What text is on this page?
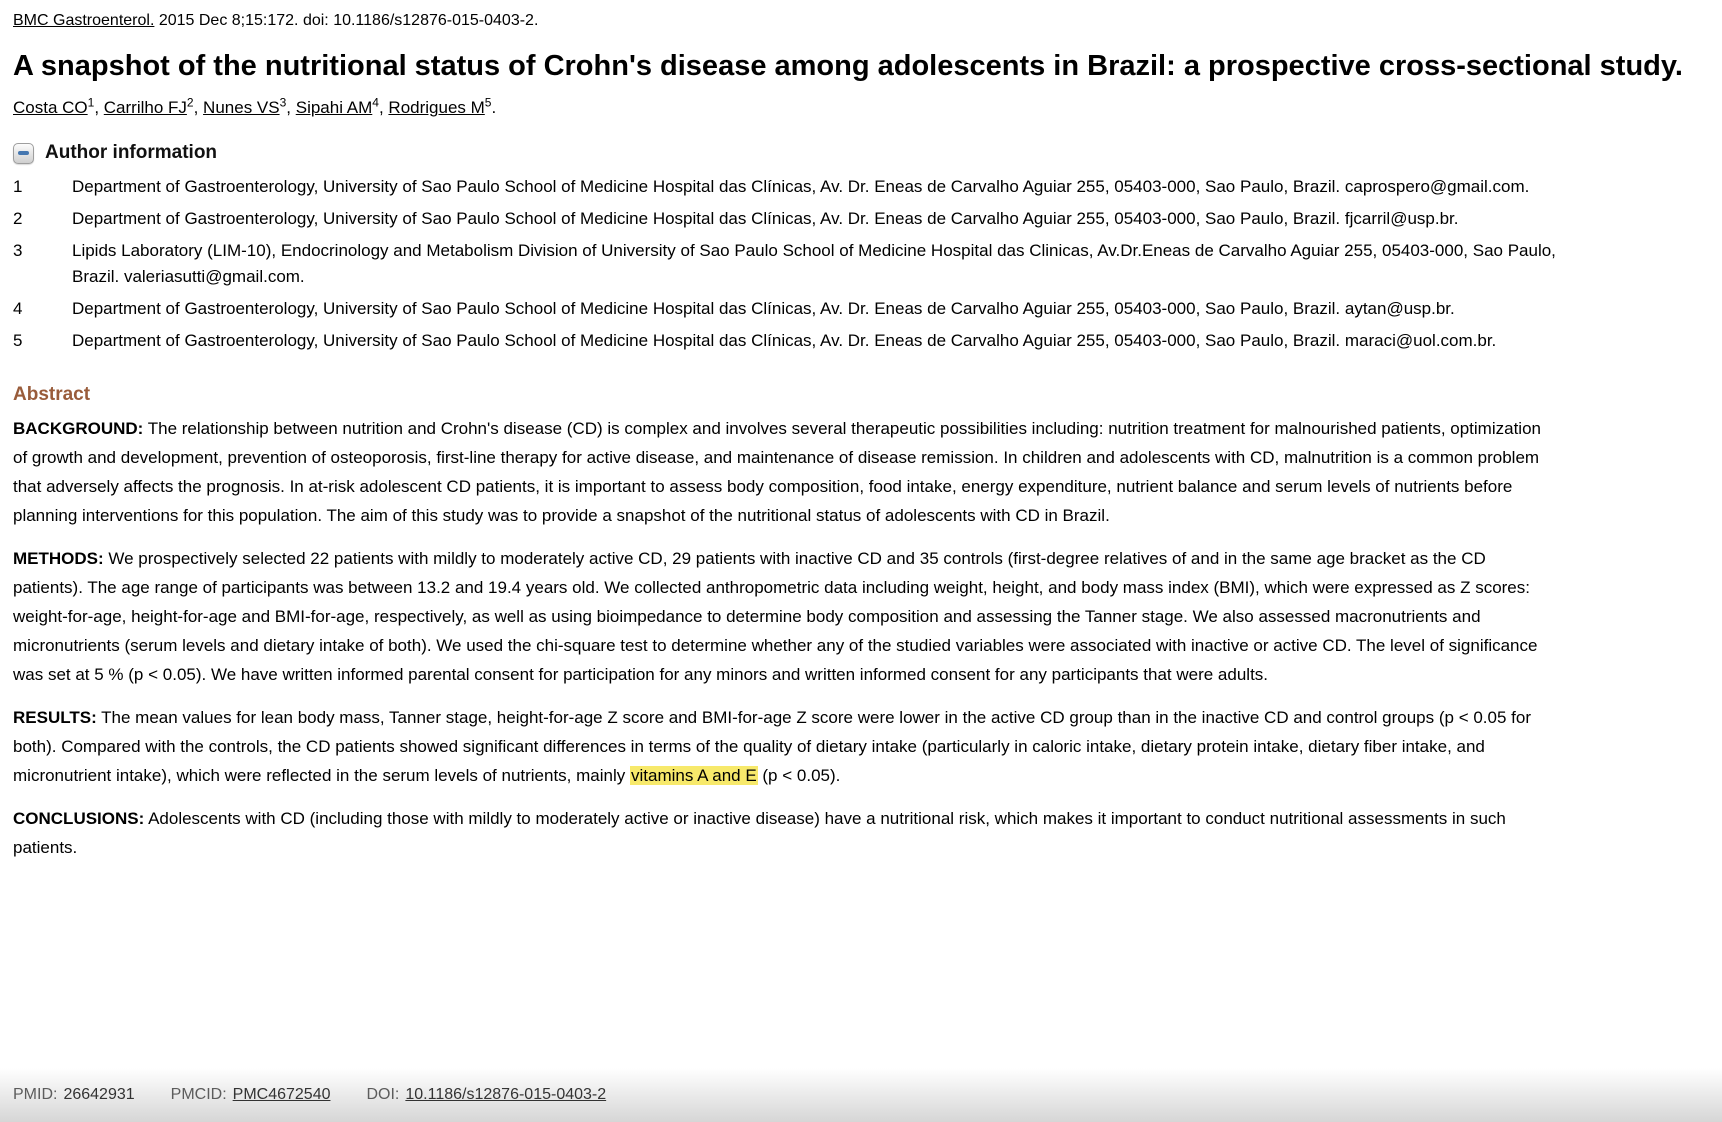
BMC Gastroenterol. 2015 Dec 8;15:172. doi: 10.1186/s12876-015-0403-2.
A snapshot of the nutritional status of Crohn's disease among adolescents in Brazil: a prospective cross-sectional study.
Costa $CO^1$, Carrilho $FJ^2$, Nunes $VS^3$, Sipahi $AM^4$, Rodrigues $M^5$.
Author information
1	Department of Gastroenterology, University of Sao Paulo School of Medicine Hospital das Clínicas, Av. Dr. Eneas de Carvalho Aguiar 255, 05403-000, Sao Paulo, Brazil. caprospero@gmail.com.
2	Department of Gastroenterology, University of Sao Paulo School of Medicine Hospital das Clínicas, Av. Dr. Eneas de Carvalho Aguiar 255, 05403-000, Sao Paulo, Brazil. fjcarril@usp.br.
3	Lipids Laboratory (LIM-10), Endocrinology and Metabolism Division of University of Sao Paulo School of Medicine Hospital das Clinicas, Av.Dr.Eneas de Carvalho Aguiar 255, 05403-000, Sao Paulo, Brazil. valeriasutti@gmail.com.
4	Department of Gastroenterology, University of Sao Paulo School of Medicine Hospital das Clínicas, Av. Dr. Eneas de Carvalho Aguiar 255, 05403-000, Sao Paulo, Brazil. aytan@usp.br.
5	Department of Gastroenterology, University of Sao Paulo School of Medicine Hospital das Clínicas, Av. Dr. Eneas de Carvalho Aguiar 255, 05403-000, Sao Paulo, Brazil. maraci@uol.com.br.
Abstract

BACKGROUND: The relationship between nutrition and Crohn's disease (CD) is complex and involves several therapeutic possibilities including: nutrition treatment for malnourished patients, optimization of growth and development, prevention of osteoporosis, first-line therapy for active disease, and maintenance of disease remission. In children and adolescents with CD, malnutrition is a common problem that adversely affects the prognosis. In at-risk adolescent CD patients, it is important to assess body composition, food intake, energy expenditure, nutrient balance and serum levels of nutrients before planning interventions for this population. The aim of this study was to provide a snapshot of the nutritional status of adolescents with CD in Brazil.

METHODS: We prospectively selected 22 patients with mildly to moderately active CD, 29 patients with inactive CD and 35 controls (first-degree relatives of and in the same age bracket as the CD patients). The age range of participants was between 13.2 and 19.4 years old. We collected anthropometric data including weight, height, and body mass index (BMI), which were expressed as Z scores: weight-for-age, height-for-age and BMI-for-age, respectively, as well as using bioimpedance to determine body composition and assessing the Tanner stage. We also assessed macronutrients and micronutrients (serum levels and dietary intake of both). We used the chi-square test to determine whether any of the studied variables were associated with inactive or active CD. The level of significance was set at 5 % (p < 0.05). We have written informed parental consent for participation for any minors and written informed consent for any participants that were adults.

RESULTS: The mean values for lean body mass, Tanner stage, height-for-age Z score and BMI-for-age Z score were lower in the active CD group than in the inactive CD and control groups (p < 0.05 for both). Compared with the controls, the CD patients showed significant differences in terms of the quality of dietary intake (particularly in caloric intake, dietary protein intake, dietary fiber intake, and micronutrient intake), which were reflected in the serum levels of nutrients, mainly vitamins A and E (p < 0.05).

CONCLUSIONS: Adolescents with CD (including those with mildly to moderately active or inactive disease) have a nutritional risk, which makes it important to conduct nutritional assessments in such patients.

PMID: 26642931 PMCID: PMC4672540 DOI: 10.1186/s12876-015-0403-2
